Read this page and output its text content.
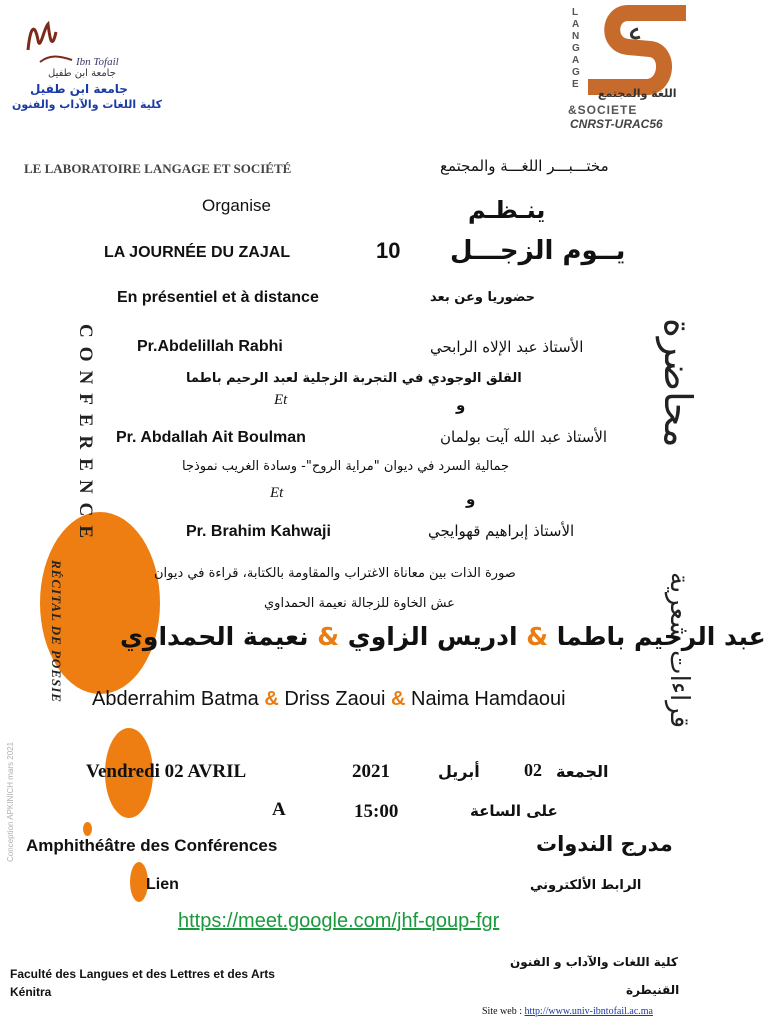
Ibn Tofail
جامعة ابن طفيل
جامعة ابن طفيل
كلية اللغات والآداب والفنون
LANGAGE
اللغة والمجتمع
&SOCIETE
CNRST-URAC56
LE LABORATOIRE LANGAGE ET SOCIÉTÉ	مختـــبـــر اللغـــة والمجتمع
Organise	ينـظـم
LA JOURNÉE DU ZAJAL	10 يــوم الزجـــل
En présentiel et à distance	حضوريا وعن بعد
CONFERENCE
RÉCITAL DE POESIE
محاضرة
قراءات شعرية
Conception APKINICH mars 2021
Pr.Abdelillah Rabhi	الأستاذ عبد الإلاه الرابحي
القلق الوجودي في التجربة الزجلية لعبد الرحيم باطما
Et	و
Pr. Abdallah Ait Boulman	الأستاذ عبد الله آيت بولمان
جمالية السرد في ديوان "مراية الروح"- وسادة الغريب نموذجا
Et	و
Pr. Brahim Kahwaji	الأستاذ إبراهيم قهوايجي
صورة الذات بين معاناة الاغتراب والمقاومة بالكتابة، قراءة في ديوان
عش الخاوة للزجالة نعيمة الحمداوي
عبد الرحيم باطما & ادريس الزاوي & نعيمة الحمداوي
Abderrahim Batma & Driss Zaoui & Naima Hamdaoui
Vendredi 02 AVRIL	2021	أبريل 02 الجمعة
A	15:00	على الساعة
Amphithéâtre des Conférences	مدرج الندوات
Lien	الرابط الألكتروني
https://meet.google.com/jhf-qoup-fgr
Faculté des Langues et des Lettres et des Arts
Kénitra
كلية اللغات والآداب و الفنون
القنيطرة
Site web : http://www.univ-ibntofail.ac.ma
